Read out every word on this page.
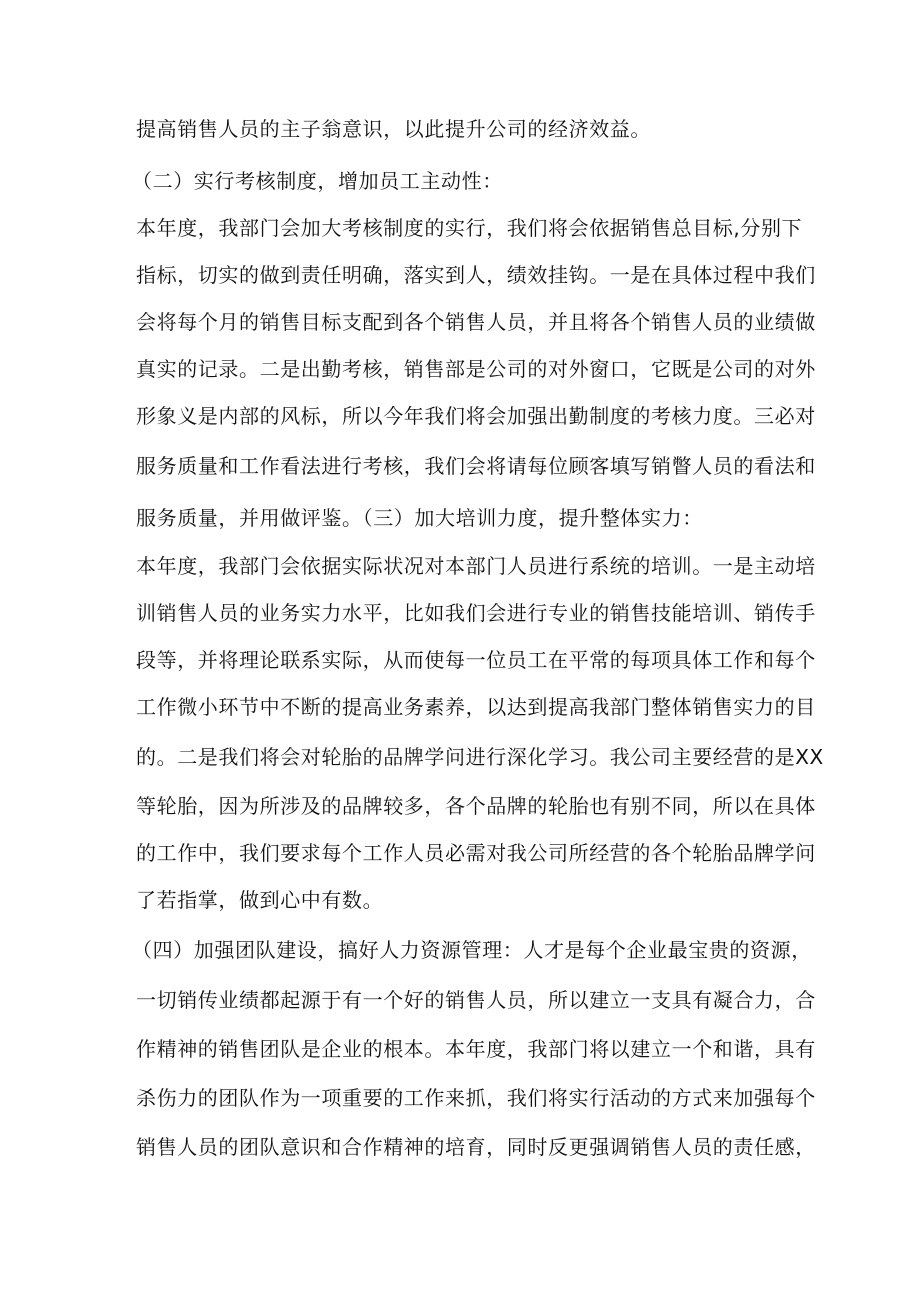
提高销售人员的主子翁意识，以此提升公司的经济效益。
（二）实行考核制度，增加员工主动性：
本年度，我部门会加大考核制度的实行，我们将会依据销售总目标,分别下
指标，切实的做到责任明确，落实到人，绩效挂钩。一是在具体过程中我们
会将每个月的销售目标支配到各个销售人员，并且将各个销售人员的业绩做
真实的记录。二是出勤考核，销售部是公司的对外窗口，它既是公司的对外
形象义是内部的风标，所以今年我们将会加强出勤制度的考核力度。三必对
服务质量和工作看法进行考核，我们会将请每位顾客填写销瞥人员的看法和
服务质量，并用做评鉴。（三）加大培训力度，提升整体实力：
本年度，我部门会依据实际状况对本部门人员进行系统的培训。一是主动培
训销售人员的业务实力水平，比如我们会进行专业的销售技能培训、销传手
段等，并将理论联系实际，从而使每一位员工在平常的每项具体工作和每个
工作微小环节中不断的提高业务素养，以达到提高我部门整体销售实力的目
的。二是我们将会对轮胎的品牌学问进行深化学习。我公司主要经营的是XX
等轮胎，因为所涉及的品牌较多，各个品牌的轮胎也有别不同，所以在具体
的工作中，我们要求每个工作人员必需对我公司所经营的各个轮胎品牌学问
了若指掌，做到心中有数。
（四）加强团队建设，搞好人力资源管理：人才是每个企业最宝贵的资源，
一切销传业绩都起源于有一个好的销售人员，所以建立一支具有凝合力，合
作精神的销售团队是企业的根本。本年度，我部门将以建立一个和谐，具有
杀伤力的团队作为一项重要的工作来抓，我们将实行活动的方式来加强每个
销售人员的团队意识和合作精神的培育，同时反更强调销售人员的责任感，
